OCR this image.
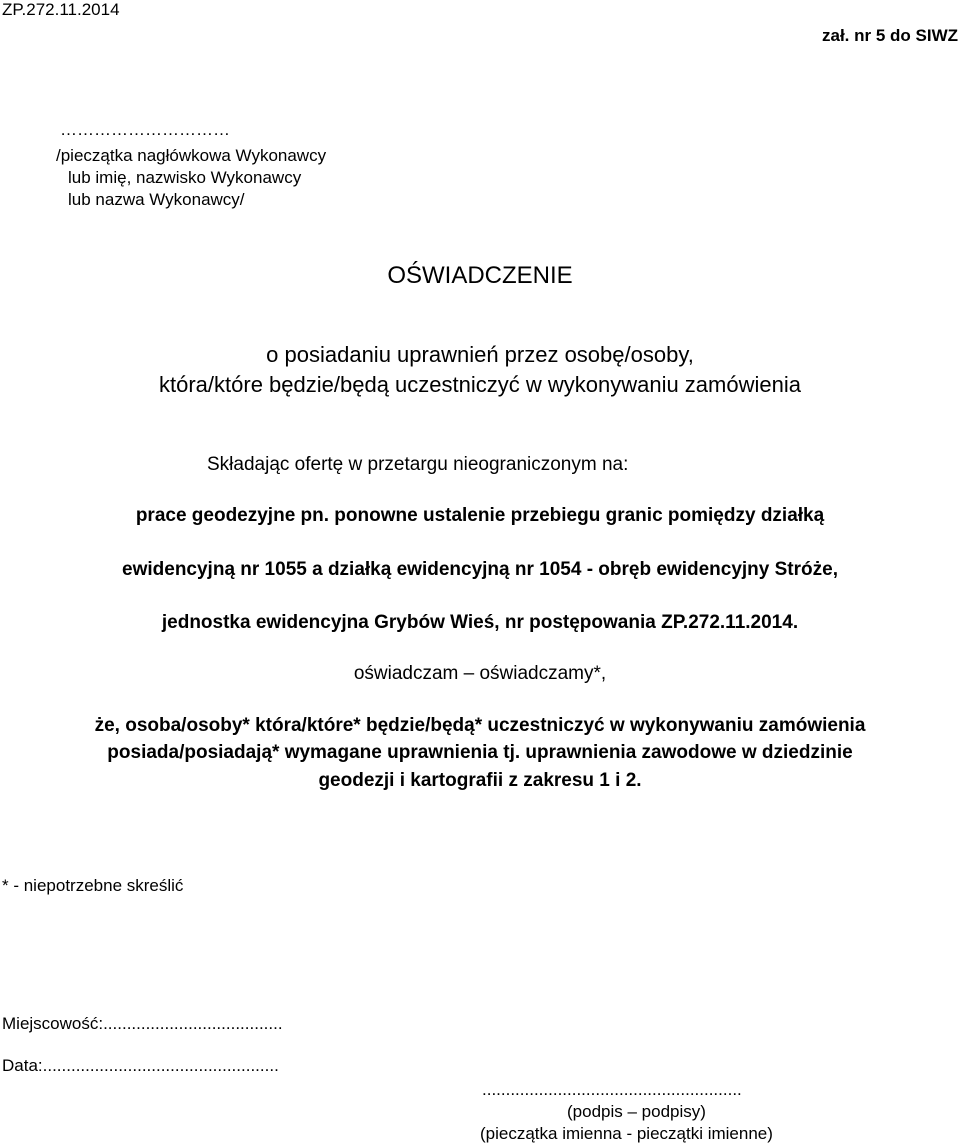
ZP.272.11.2014
zał. nr 5 do SIWZ
…………………………
/pieczątka nagłówkowa Wykonawcy
lub imię, nazwisko Wykonawcy
lub nazwa Wykonawcy/
OŚWIADCZENIE
o posiadaniu uprawnień przez osobę/osoby,
która/które będzie/będą uczestniczyć w wykonywaniu zamówienia
Składając ofertę w przetargu nieograniczonym na:
prace geodezyjne pn. ponowne ustalenie przebiegu granic pomiędzy działką
ewidencyjną nr 1055 a działką ewidencyjną nr 1054 - obręb ewidencyjny Stróże,
jednostka ewidencyjna Grybów Wieś, nr postępowania ZP.272.11.2014.
oświadczam – oświadczamy*,
że, osoba/osoby* która/które* będzie/będą* uczestniczyć w wykonywaniu zamówienia
posiada/posiadają* wymagane uprawnienia tj. uprawnienia zawodowe w dziedzinie
geodezji i kartografii z zakresu 1 i 2.
* - niepotrzebne skreślić
Miejscowość:......................................
Data:..................................................
.......................................................
(podpis – podpisy)
(pieczątka imienna - pieczątki imienne)
